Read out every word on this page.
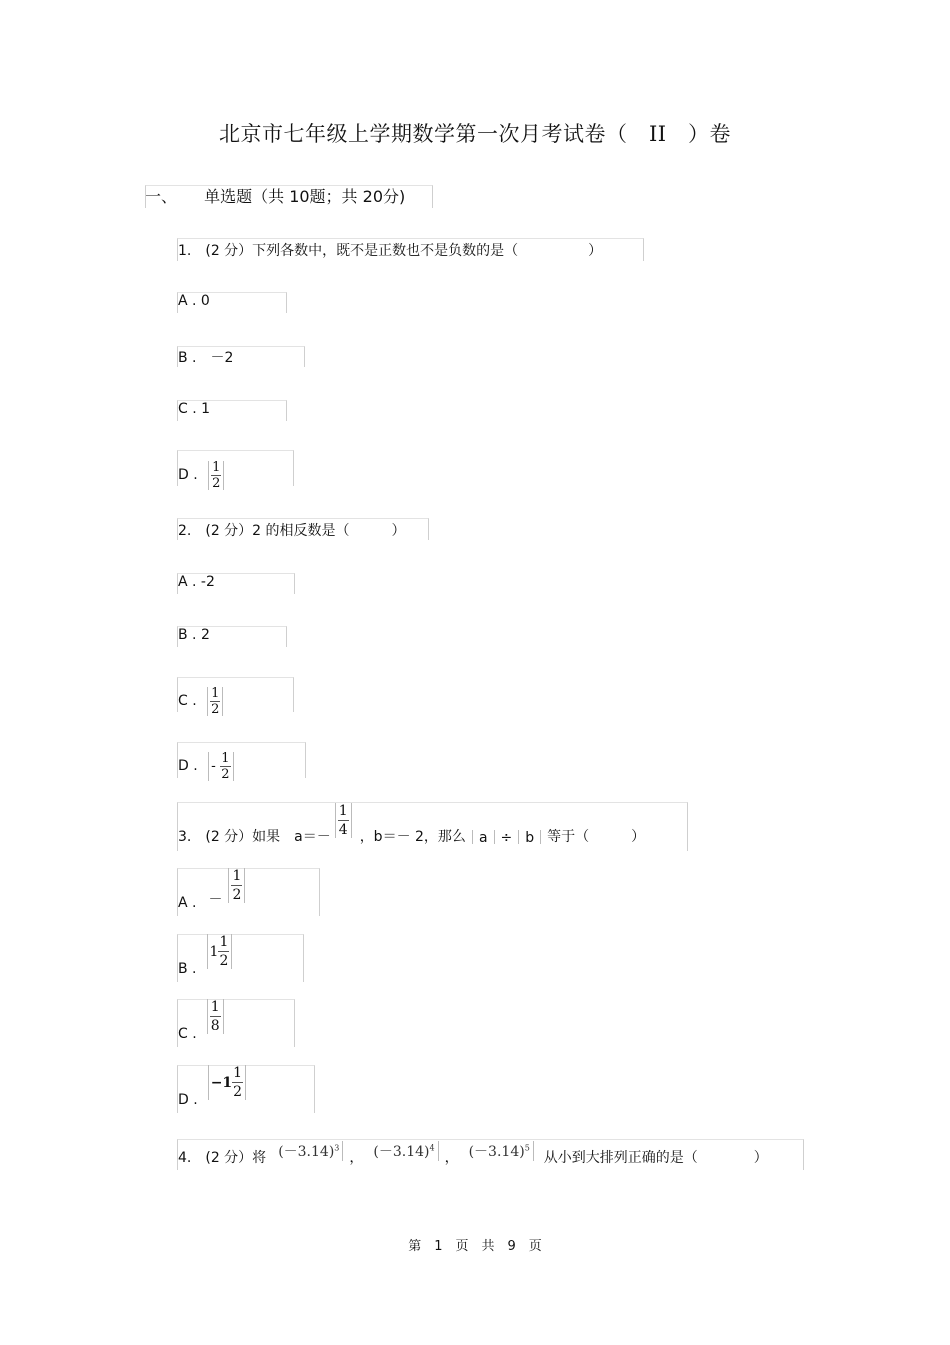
北京市七年级上学期数学第一次月考试卷（　II　）卷
一、 单选题（共 10题；共 20分)
1.　(2 分）下列各数中，既不是正数也不是负数的是（　　　　　）
A . 0
B .　－2
C . 1
D . $\frac{1}{2}$
2.　(2 分）2 的相反数是（　　　）
A . -2
B . 2
C . $\frac{1}{2}$
D . - $\frac{1}{2}$
3.　(2 分）如果　$a=- \frac{1}{4}$ ，b＝－ 2，那么 a ÷ b 等于（　　　）
A . － $\frac{1}{2}$
B .
$1 \frac{1}{2}$
C . $\frac{1}{8}$
D .
$-1 \frac{1}{2}$
4.　(2 分）将 $(-3.14)^3$
， $(-3.14)^4$
， $(-3.14)^5$
从小到大排列正确的是（　　　　）
第　1　页　共　9　页
